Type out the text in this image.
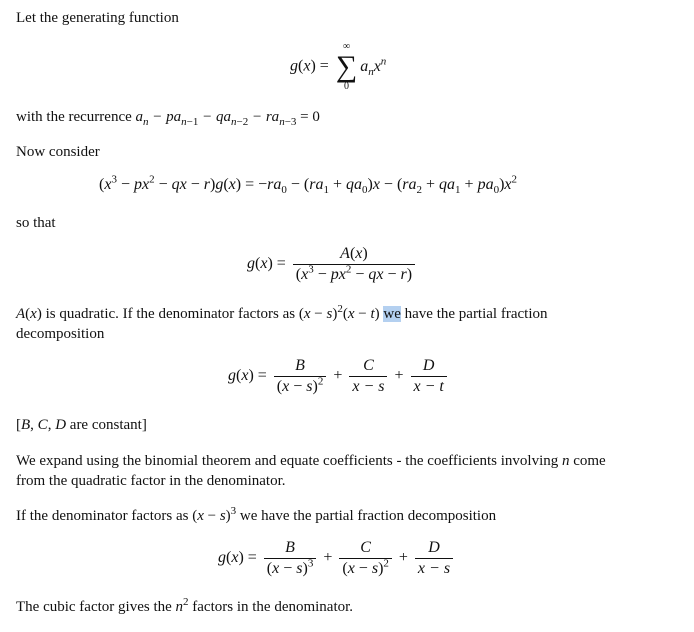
Let the generating function
g(x) =
∞
∑
0
$a_nx^n$
with the recurrence $a_n - pa_{n-1} - qa_{n-2} - ra_{n-3} = 0$
Now consider
($x^3 - px^2$ − qx − $r)g(x) = -ra_0 - (ra_1 + qa_0)x - (ra_2 + qa_1 + pa_0)x^2$
so that
$g(x) = \frac{A(x)}{(x^3 - px^2 - qx - r)}$
A(x) is quadratic. If the denominator factors as $(x - s)^2(x - t)$ we have the partial fraction
decomposition
$g(x) = \frac{B}{(x - s)^2} + \frac{C}{x - s} + \frac{D}{x - t}$
[B, C, D are constant]
We expand using the binomial theorem and equate coefficients - the coefficients involving n come
from the quadratic factor in the denominator.
If the denominator factors as $(x - s)^3$ we have the partial fraction decomposition
$g(x) = \frac{B}{(x - s)^3} + \frac{C}{(x - s)^2} + \frac{D}{x - s}$
The cubic factor gives the $n^2$ factors in the denominator.
